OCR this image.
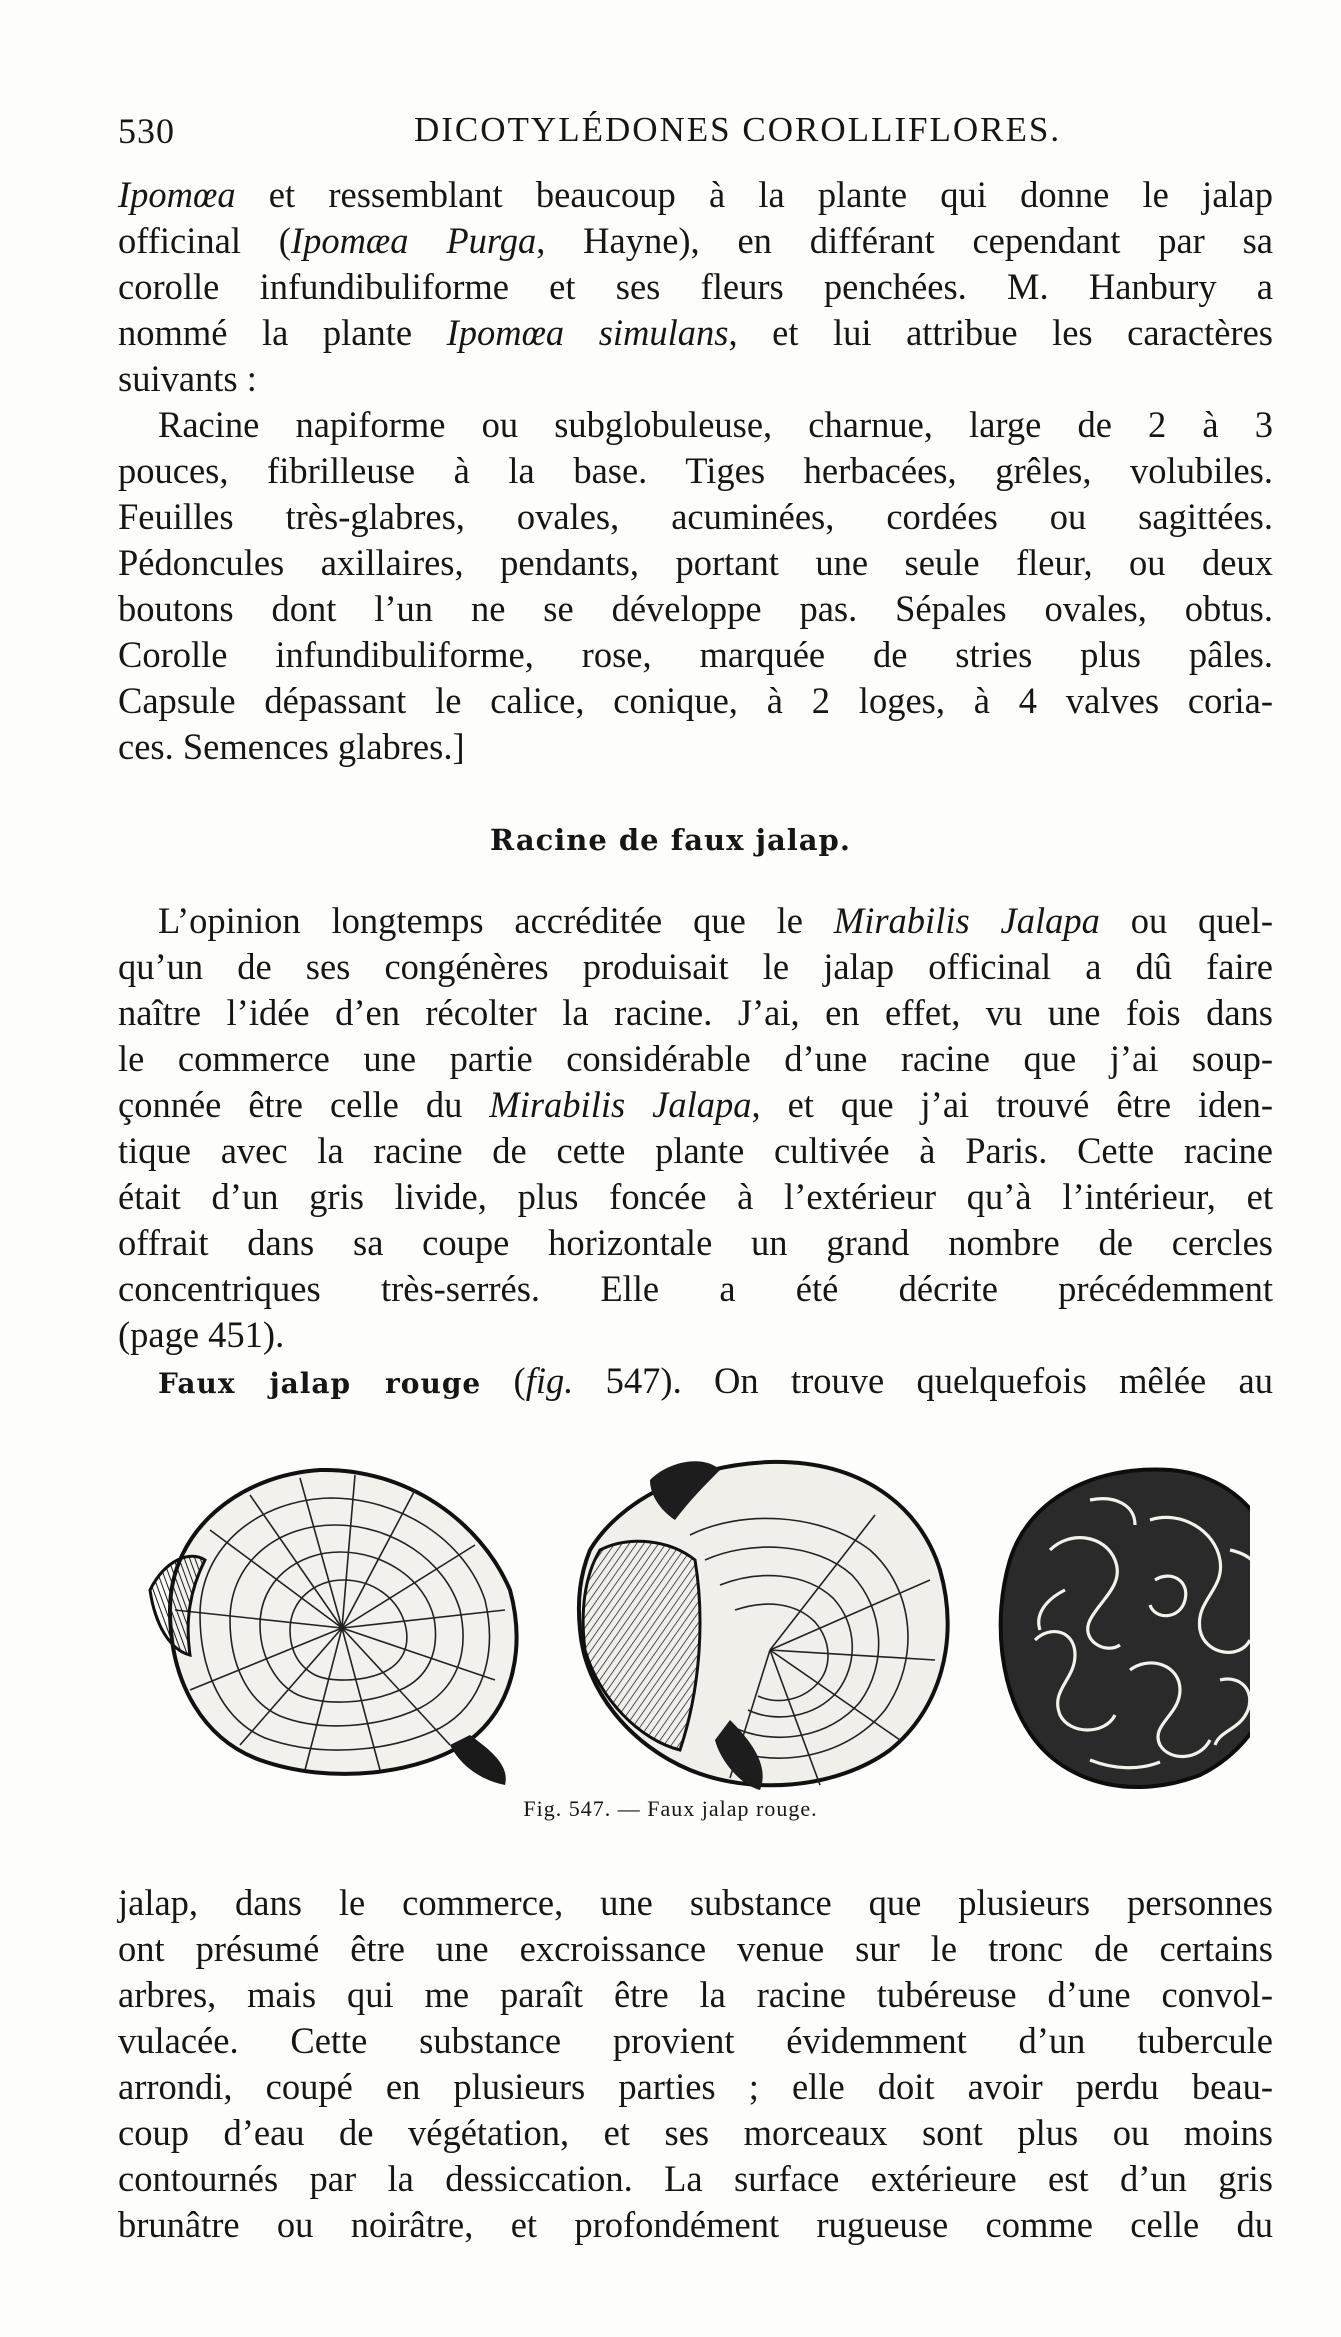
530	DICOTYLÉDONES COROLLIFLORES.

Ipomœa et ressemblant beaucoup à la plante qui donne le jalap
officinal (Ipomæa Purga, Hayne), en différant cependant par sa
corolle infundibuliforme et ses fleurs penchées. M. Hanbury a
nommé la plante Ipomœa simulans, et lui attribue les caractères
suivants :

Racine napiforme ou subglobuleuse, charnue, large de 2 à 3
pouces, fibrilleuse à la base. Tiges herbacées, grêles, volubiles.
Feuilles très-glabres, ovales, acuminées, cordées ou sagittées.
Pédoncules axillaires, pendants, portant une seule fleur, ou deux
boutons dont l’un ne se développe pas. Sépales ovales, obtus.
Corolle infundibuliforme, rose, marquée de stries plus pâles.
Capsule dépassant le calice, conique, à 2 loges, à 4 valves coria-
ces. Semences glabres.]

Racine de faux jalap.

L’opinion longtemps accréditée que le Mirabilis Jalapa ou quel-
qu’un de ses congénères produisait le jalap officinal a dû faire
naître l’idée d’en récolter la racine. J’ai, en effet, vu une fois dans
le commerce une partie considérable d’une racine que j’ai soup-
çonnée être celle du Mirabilis Jalapa, et que j’ai trouvé être iden-
tique avec la racine de cette plante cultivée à Paris. Cette racine
était d’un gris livide, plus foncée à l’extérieur qu’à l’intérieur, et
offrait dans sa coupe horizontale un grand nombre de cercles
concentriques très-serrés. Elle a été décrite précédemment
(page 451).

Faux jalap rouge (fig. 547). On trouve quelquefois mêlée au

Fig. 547. — Faux jalap rouge.

jalap, dans le commerce, une substance que plusieurs personnes
ont présumé être une excroissance venue sur le tronc de certains
arbres, mais qui me paraît être la racine tubéreuse d’une convol-
vulacée. Cette substance provient évidemment d’un tubercule
arrondi, coupé en plusieurs parties ; elle doit avoir perdu beau-
coup d’eau de végétation, et ses morceaux sont plus ou moins
contournés par la dessiccation. La surface extérieure est d’un gris
brunâtre ou noirâtre, et profondément rugueuse comme celle du
